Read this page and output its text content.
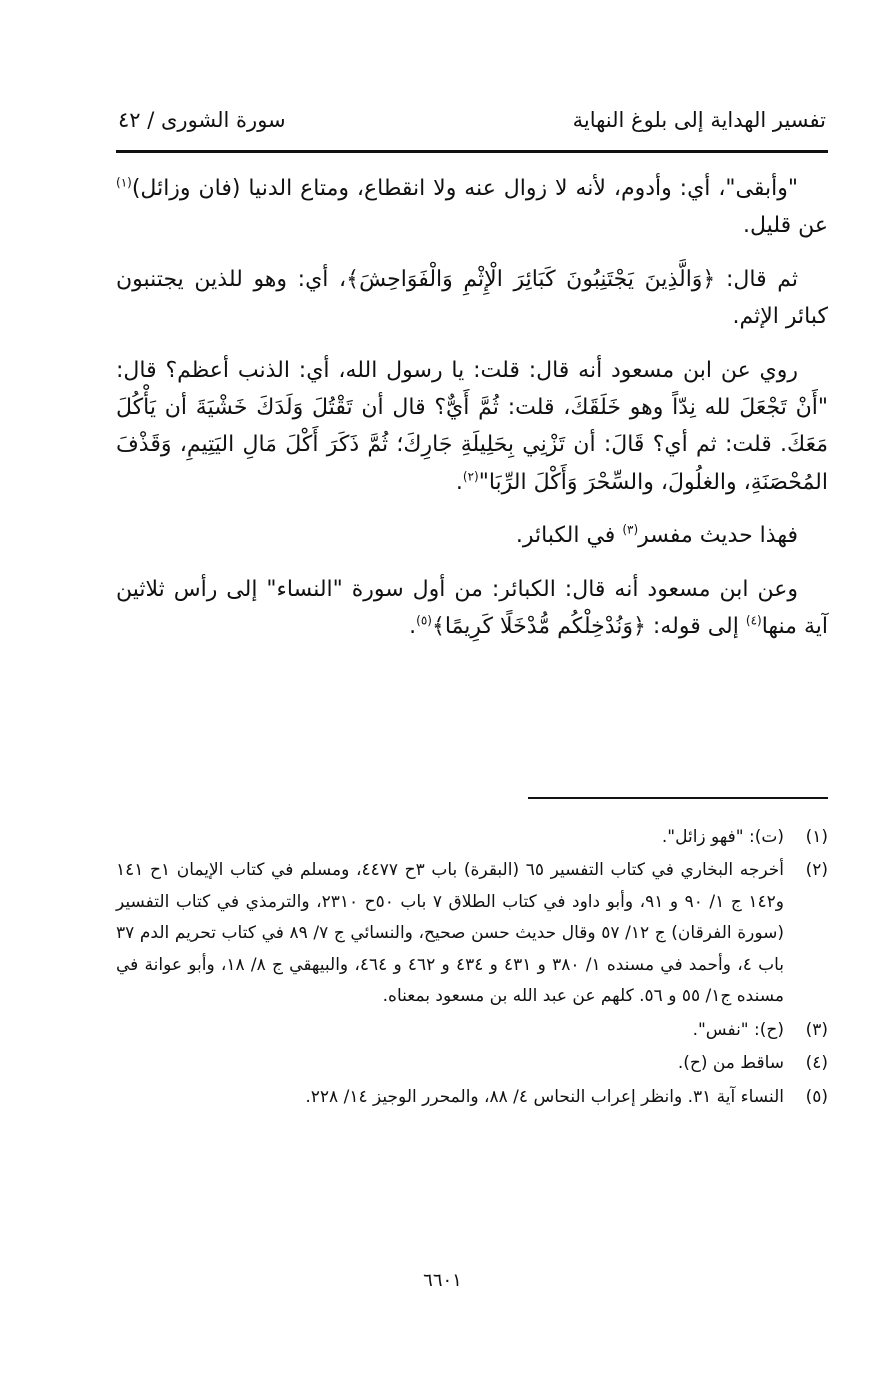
تفسير الهداية إلى بلوغ النهاية
سورة الشورى / ٤٢

"وأبقى"، أي: وأدوم، لأنه لا زوال عنه ولا انقطاع، ومتاع الدنيا (فان وزائل)$^{(١)}$ عن قليل.

ثم قال: ﴿وَالَّذِينَ يَجْتَنِبُونَ كَبَائِرَ الْإِثْمِ وَالْفَوَاحِشَ﴾، أي: وهو للذين يجتنبون كبائر الإثم.

روي عن ابن مسعود أنه قال: قلت: يا رسول الله، أي: الذنب أعظم؟ قال: "أَنْ تَجْعَلَ لله نِدّاً وهو خَلَقَكَ، قلت: ثُمَّ أَيٌّ؟ قال أن تَقْتُلَ وَلَدَكَ خَشْيَةَ أن يَأْكُلَ مَعَكَ. قلت: ثم أي؟ قَالَ: أن تَزْنِي بِحَلِيلَةِ جَارِكَ؛ ثُمَّ ذَكَرَ أَكْلَ مَالِ اليَتِيمِ، وَقَذْفَ المُحْصَنَةِ، والغلُولَ، والسِّحْرَ وَأَكْلَ الرِّبَا"$^{(٢)}$.

فهذا حديث مفسر$^{(٣)}$ في الكبائر.

وعن ابن مسعود أنه قال: الكبائر: من أول سورة "النساء" إلى رأس ثلاثين آية منها$^{(٤)}$ إلى قوله: ﴿وَنُدْخِلْكُم مُّدْخَلًا كَرِيمًا﴾$^{(٥)}$.

(١)
(ت): "فهو زائل".
(٢)
أخرجه البخاري في كتاب التفسير ٦٥ (البقرة) باب ٣ح ٤٤٧٧، ومسلم في كتاب الإيمان ١ح ١٤١ و١٤٢ ج ١/ ٩٠ و ٩١، وأبو داود في كتاب الطلاق ٧ باب ٥٠ح ٢٣١٠، والترمذي في كتاب التفسير (سورة الفرقان) ج ١٢/ ٥٧ وقال حديث حسن صحيح، والنسائي ج ٧/ ٨٩ في كتاب تحريم الدم ٣٧ باب ٤، وأحمد في مسنده ١/ ٣٨٠ و ٤٣١ و ٤٣٤ و ٤٦٢ و ٤٦٤، والبيهقي ج ٨/ ١٨، وأبو عوانة في مسنده ج١/ ٥٥ و ٥٦. كلهم عن عبد الله بن مسعود بمعناه.
(٣)
(ح): "نفس".
(٤)
ساقط من (ح).
(٥)
النساء آية ٣١. وانظر إعراب النحاس ٤/ ٨٨، والمحرر الوجيز ١٤/ ٢٢٨.
٦٦٠١
